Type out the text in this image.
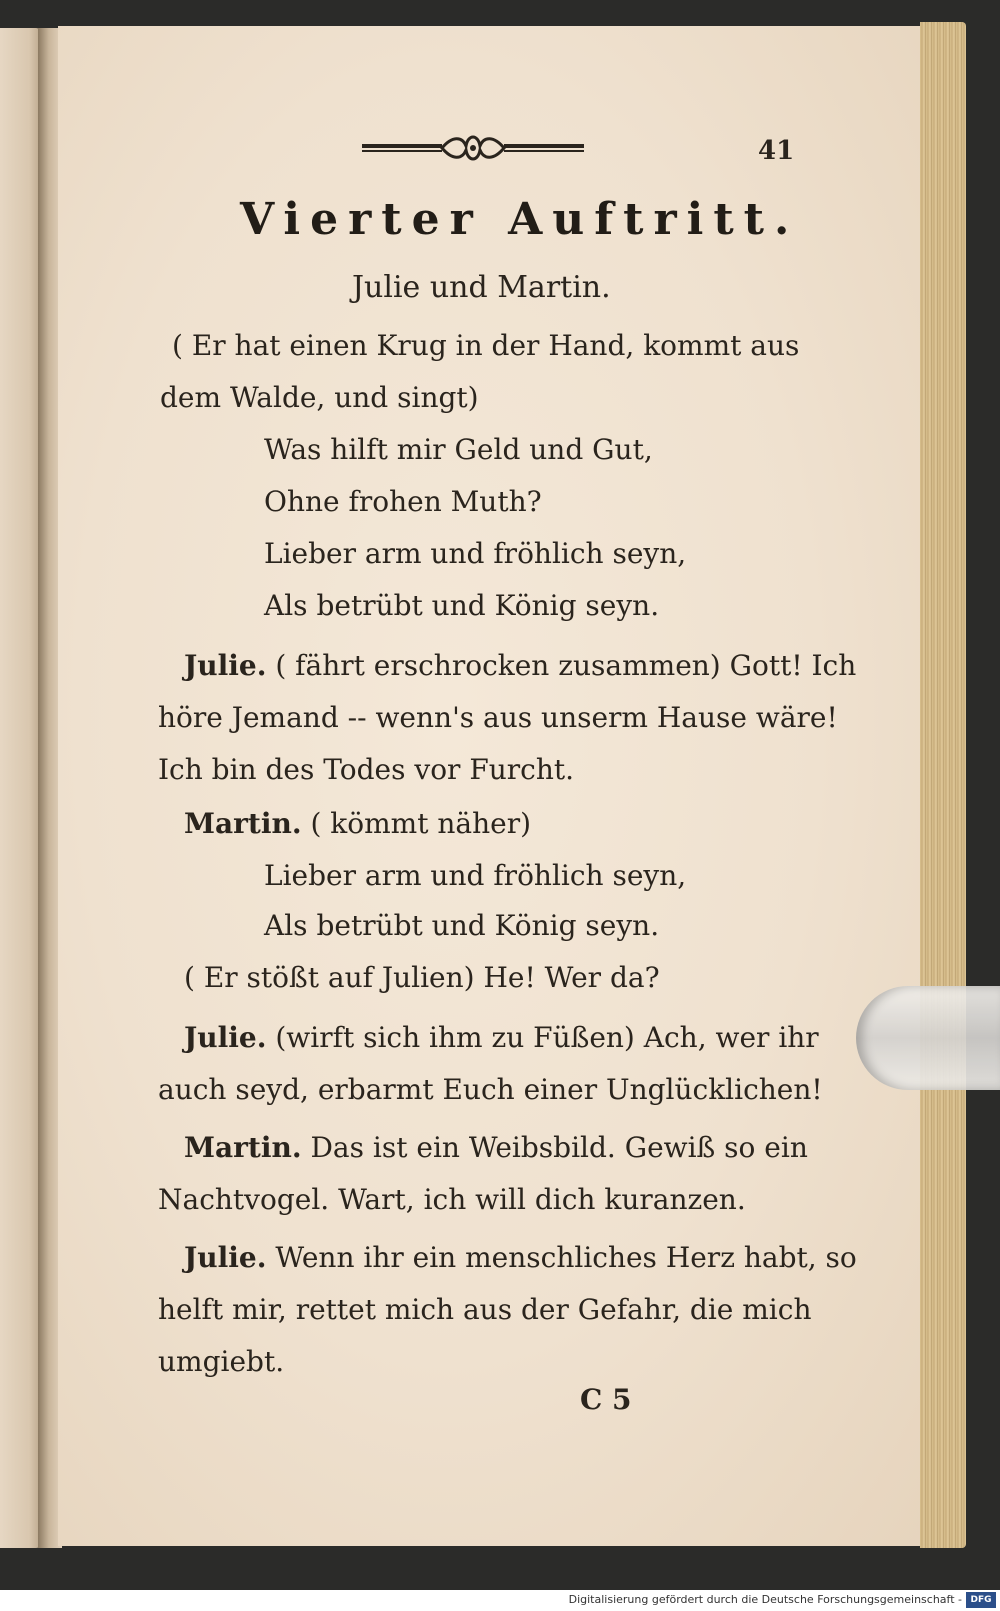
41
Vierter Auftritt.
Julie und Martin.
( Er hat einen Krug in der Hand, kommt aus
dem Walde, und singt)
Was hilft mir Geld und Gut,
Ohne frohen Muth?
Lieber arm und fröhlich seyn,
Als betrübt und König seyn.
Julie. ( fährt erschrocken zusammen) Gott! Ich
höre Jemand -- wenn's aus unserm Hause wäre!
Ich bin des Todes vor Furcht.
Martin. ( kömmt näher)
Lieber arm und fröhlich seyn,
Als betrübt und König seyn.
( Er stößt auf Julien) He! Wer da?
Julie. (wirft sich ihm zu Füßen) Ach, wer ihr
auch seyd, erbarmt Euch einer Unglücklichen!
Martin. Das ist ein Weibsbild. Gewiß so ein
Nachtvogel. Wart, ich will dich kuranzen.
Julie. Wenn ihr ein menschliches Herz habt, so
helft mir, rettet mich aus der Gefahr, die mich
umgiebt.
C 5
Digitalisierung gefördert durch die Deutsche Forschungsgemeinschaft - DFG
